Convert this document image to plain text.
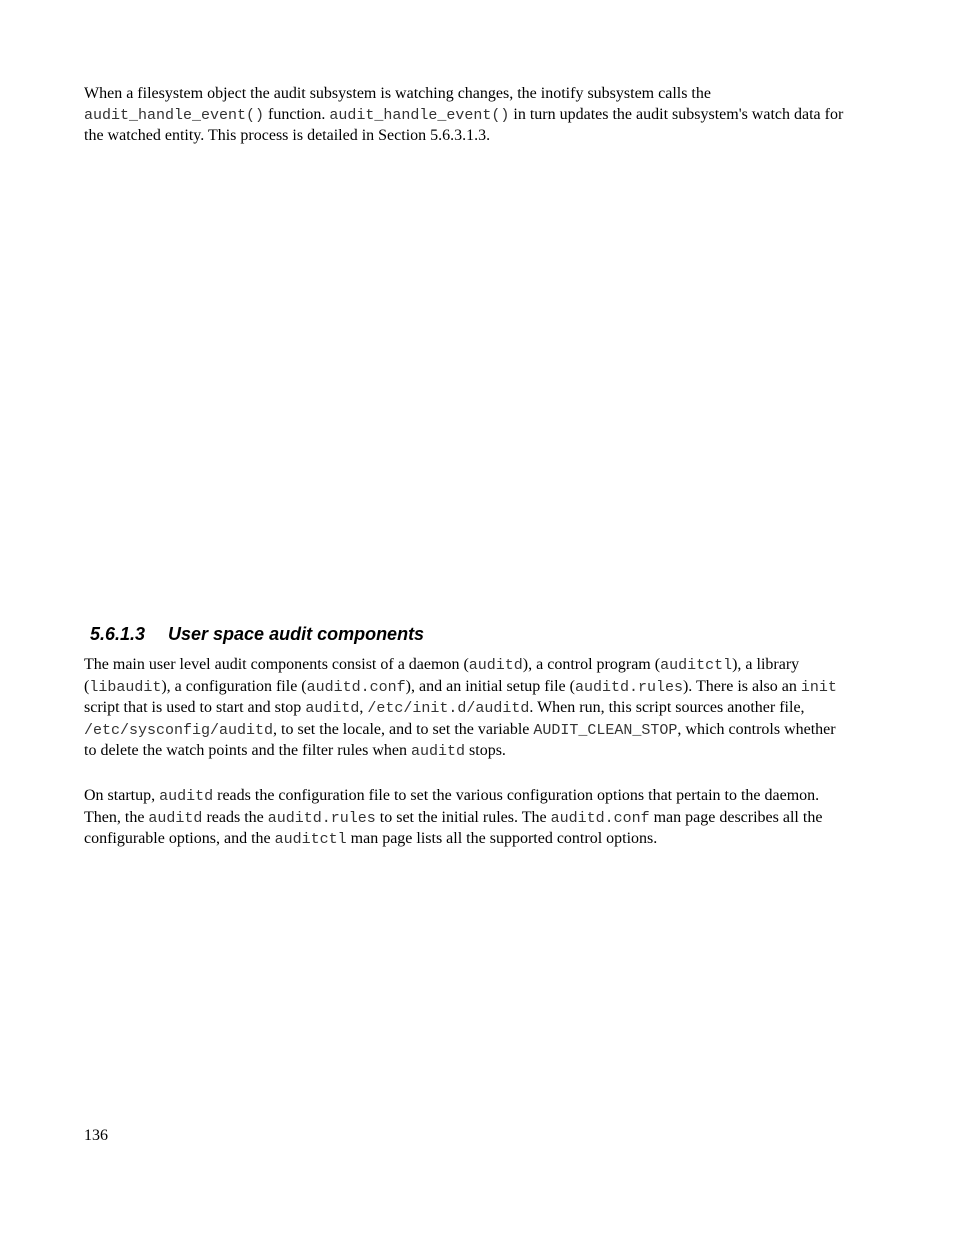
When a filesystem object the audit subsystem is watching changes, the inotify subsystem calls the audit_handle_event() function. audit_handle_event() in turn updates the audit subsystem's watch data for the watched entity. This process is detailed in Section 5.6.3.1.3.

5.6.1.3 User space audit components

The main user level audit components consist of a daemon (auditd), a control program (auditctl), a library (libaudit), a configuration file (auditd.conf), and an initial setup file (auditd.rules). There is also an init script that is used to start and stop auditd, /etc/init.d/auditd. When run, this script sources another file, /etc/sysconfig/auditd, to set the locale, and to set the variable AUDIT_CLEAN_STOP, which controls whether to delete the watch points and the filter rules when auditd stops.

On startup, auditd reads the configuration file to set the various configuration options that pertain to the daemon. Then, the auditd reads the auditd.rules to set the initial rules. The auditd.conf man page describes all the configurable options, and the auditctl man page lists all the supported control options.

136
